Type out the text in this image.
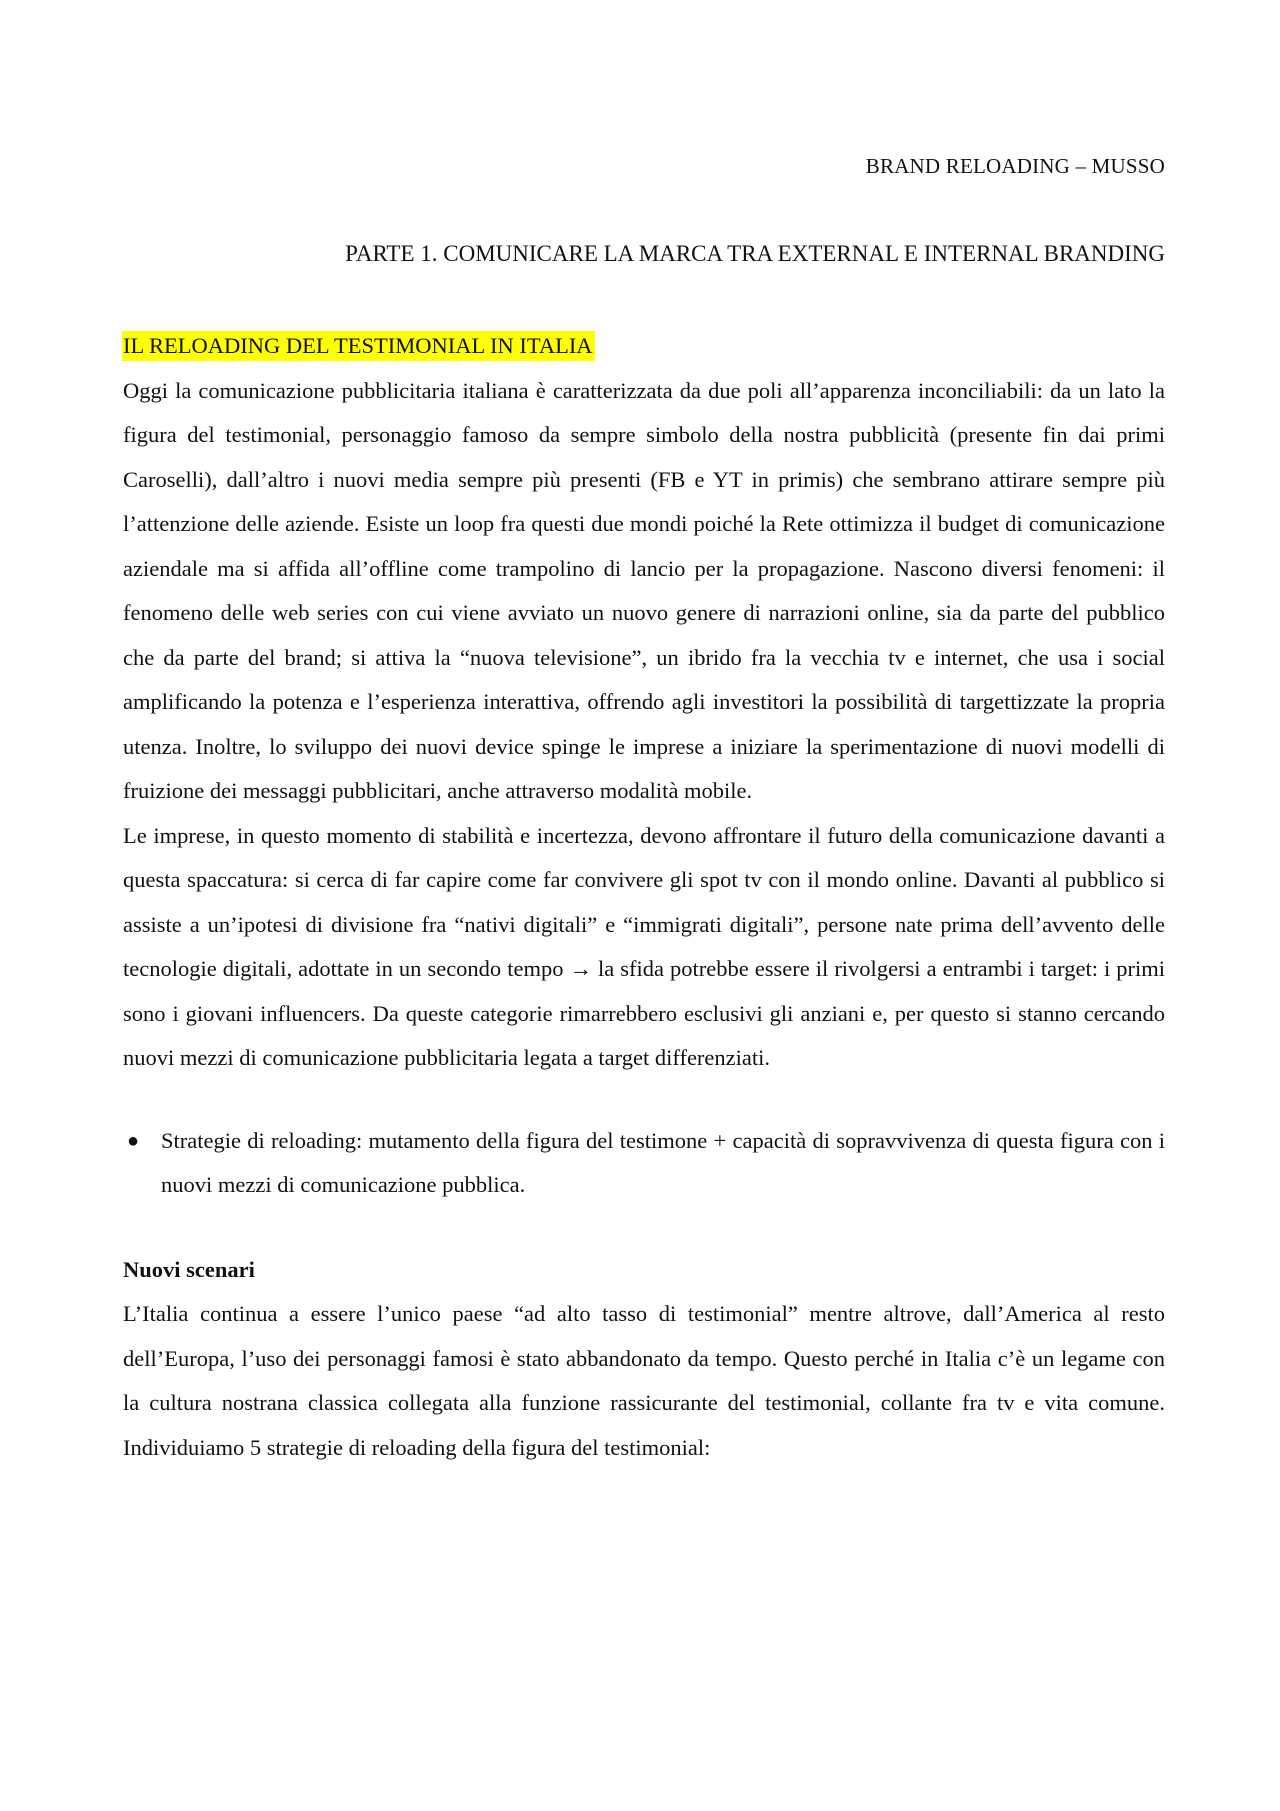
BRAND RELOADING – MUSSO
PARTE 1. COMUNICARE LA MARCA TRA EXTERNAL E INTERNAL BRANDING
IL RELOADING DEL TESTIMONIAL IN ITALIA

Oggi la comunicazione pubblicitaria italiana è caratterizzata da due poli all’apparenza inconciliabili: da un lato la figura del testimonial, personaggio famoso da sempre simbolo della nostra pubblicità (presente fin dai primi Caroselli), dall’altro i nuovi media sempre più presenti (FB e YT in primis) che sembrano attirare sempre più l’attenzione delle aziende. Esiste un loop fra questi due mondi poiché la Rete ottimizza il budget di comunicazione aziendale ma si affida all’offline come trampolino di lancio per la propagazione. Nascono diversi fenomeni: il fenomeno delle web series con cui viene avviato un nuovo genere di narrazioni online, sia da parte del pubblico che da parte del brand; si attiva la “nuova televisione”, un ibrido fra la vecchia tv e internet, che usa i social amplificando la potenza e l’esperienza interattiva, offrendo agli investitori la possibilità di targettizzate la propria utenza. Inoltre, lo sviluppo dei nuovi device spinge le imprese a iniziare la sperimentazione di nuovi modelli di fruizione dei messaggi pubblicitari, anche attraverso modalità mobile.

Le imprese, in questo momento di stabilità e incertezza, devono affrontare il futuro della comunicazione davanti a questa spaccatura: si cerca di far capire come far convivere gli spot tv con il mondo online. Davanti al pubblico si assiste a un’ipotesi di divisione fra “nativi digitali” e “immigrati digitali”, persone nate prima dell’avvento delle tecnologie digitali, adottate in un secondo tempo → la sfida potrebbe essere il rivolgersi a entrambi i target: i primi sono i giovani influencers. Da queste categorie rimarrebbero esclusivi gli anziani e, per questo si stanno cercando nuovi mezzi di comunicazione pubblicitaria legata a target differenziati.

● Strategie di reloading: mutamento della figura del testimone + capacità di sopravvivenza di questa figura con i nuovi mezzi di comunicazione pubblica.
Nuovi scenari

L’Italia continua a essere l’unico paese “ad alto tasso di testimonial” mentre altrove, dall’America al resto dell’Europa, l’uso dei personaggi famosi è stato abbandonato da tempo. Questo perché in Italia c’è un legame con la cultura nostrana classica collegata alla funzione rassicurante del testimonial, collante fra tv e vita comune. Individuiamo 5 strategie di reloading della figura del testimonial:
